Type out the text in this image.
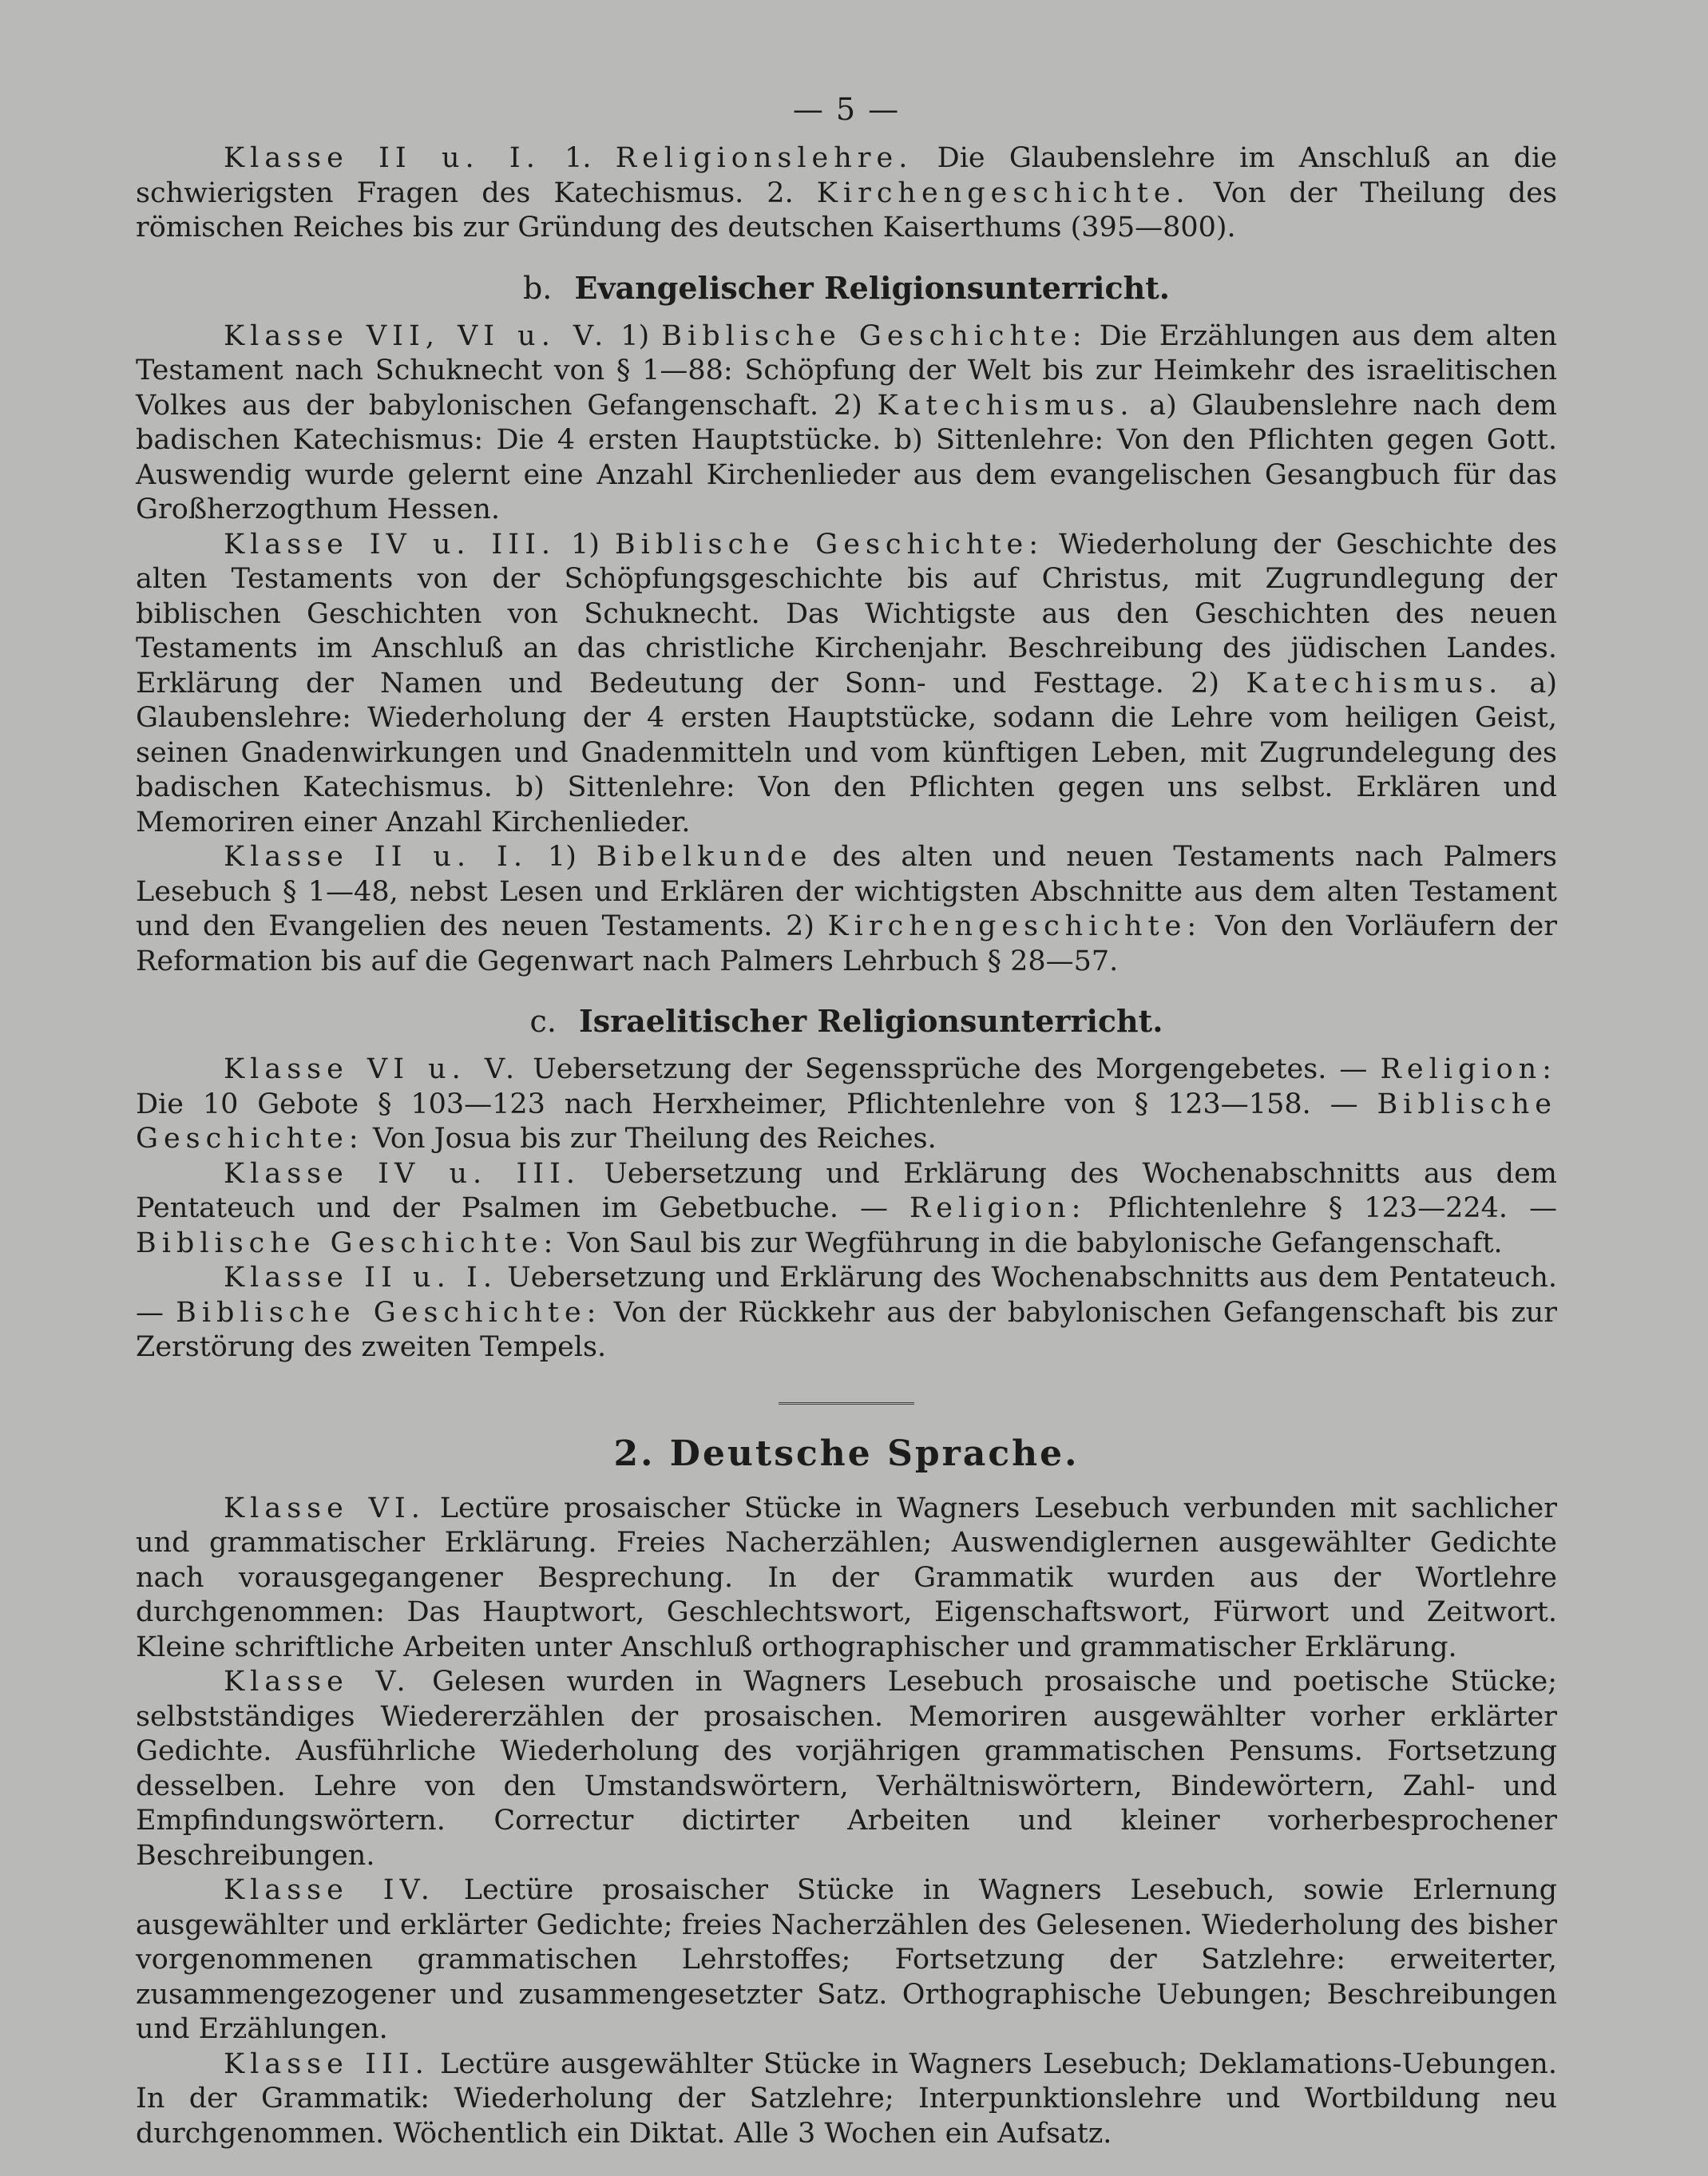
— 5 —

Klasse II u. I. 1. Religionslehre. Die Glaubenslehre im Anschluß an die schwierigsten Fragen des Katechismus. 2. Kirchengeschichte. Von der Theilung des römischen Reiches bis zur Gründung des deutschen Kaiserthums (395—800).

b. Evangelischer Religionsunterricht.

Klasse VII, VI u. V. 1) Biblische Geschichte: Die Erzählungen aus dem alten Testament nach Schuknecht von § 1—88: Schöpfung der Welt bis zur Heimkehr des israelitischen Volkes aus der babylonischen Gefangenschaft. 2) Katechismus. a) Glaubenslehre nach dem badischen Katechismus: Die 4 ersten Hauptstücke. b) Sittenlehre: Von den Pflichten gegen Gott. Auswendig wurde gelernt eine Anzahl Kirchenlieder aus dem evangelischen Gesangbuch für das Großherzogthum Hessen.

Klasse IV u. III. 1) Biblische Geschichte: Wiederholung der Geschichte des alten Testaments von der Schöpfungsgeschichte bis auf Christus, mit Zugrundlegung der biblischen Geschichten von Schuknecht. Das Wichtigste aus den Geschichten des neuen Testaments im Anschluß an das christliche Kirchenjahr. Beschreibung des jüdischen Landes. Erklärung der Namen und Bedeutung der Sonn- und Festtage. 2) Katechismus. a) Glaubenslehre: Wiederholung der 4 ersten Hauptstücke, sodann die Lehre vom heiligen Geist, seinen Gnadenwirkungen und Gnadenmitteln und vom künftigen Leben, mit Zugrundelegung des badischen Katechismus. b) Sittenlehre: Von den Pflichten gegen uns selbst. Erklären und Memoriren einer Anzahl Kirchenlieder.

Klasse II u. I. 1) Bibelkunde des alten und neuen Testaments nach Palmers Lesebuch § 1—48, nebst Lesen und Erklären der wichtigsten Abschnitte aus dem alten Testament und den Evangelien des neuen Testaments. 2) Kirchengeschichte: Von den Vorläufern der Reformation bis auf die Gegenwart nach Palmers Lehrbuch § 28—57.

c. Israelitischer Religionsunterricht.

Klasse VI u. V. Uebersetzung der Segenssprüche des Morgengebetes. — Religion: Die 10 Gebote § 103—123 nach Herxheimer, Pflichtenlehre von § 123—158. — Biblische Geschichte: Von Josua bis zur Theilung des Reiches.

Klasse IV u. III. Uebersetzung und Erklärung des Wochenabschnitts aus dem Pentateuch und der Psalmen im Gebetbuche. — Religion: Pflichtenlehre § 123—224. — Biblische Geschichte: Von Saul bis zur Wegführung in die babylonische Gefangenschaft.

Klasse II u. I. Uebersetzung und Erklärung des Wochenabschnitts aus dem Pentateuch. — Biblische Geschichte: Von der Rückkehr aus der babylonischen Gefangenschaft bis zur Zerstörung des zweiten Tempels.

2. Deutsche Sprache.

Klasse VI. Lectüre prosaischer Stücke in Wagners Lesebuch verbunden mit sachlicher und grammatischer Erklärung. Freies Nacherzählen; Auswendiglernen ausgewählter Gedichte nach vorausgegangener Besprechung. In der Grammatik wurden aus der Wortlehre durchgenommen: Das Hauptwort, Geschlechtswort, Eigenschaftswort, Fürwort und Zeitwort. Kleine schriftliche Arbeiten unter Anschluß orthographischer und grammatischer Erklärung.

Klasse V. Gelesen wurden in Wagners Lesebuch prosaische und poetische Stücke; selbstständiges Wiedererzählen der prosaischen. Memoriren ausgewählter vorher erklärter Gedichte. Ausführliche Wiederholung des vorjährigen grammatischen Pensums. Fortsetzung desselben. Lehre von den Umstandswörtern, Verhältniswörtern, Bindewörtern, Zahl- und Empfindungswörtern. Correctur dictirter Arbeiten und kleiner vorherbesprochener Beschreibungen.

Klasse IV. Lectüre prosaischer Stücke in Wagners Lesebuch, sowie Erlernung ausgewählter und erklärter Gedichte; freies Nacherzählen des Gelesenen. Wiederholung des bisher vorgenommenen grammatischen Lehrstoffes; Fortsetzung der Satzlehre: erweiterter, zusammengezogener und zusammengesetzter Satz. Orthographische Uebungen; Beschreibungen und Erzählungen.

Klasse III. Lectüre ausgewählter Stücke in Wagners Lesebuch; Deklamations-Uebungen. In der Grammatik: Wiederholung der Satzlehre; Interpunktionslehre und Wortbildung neu durchgenommen. Wöchentlich ein Diktat. Alle 3 Wochen ein Aufsatz.
